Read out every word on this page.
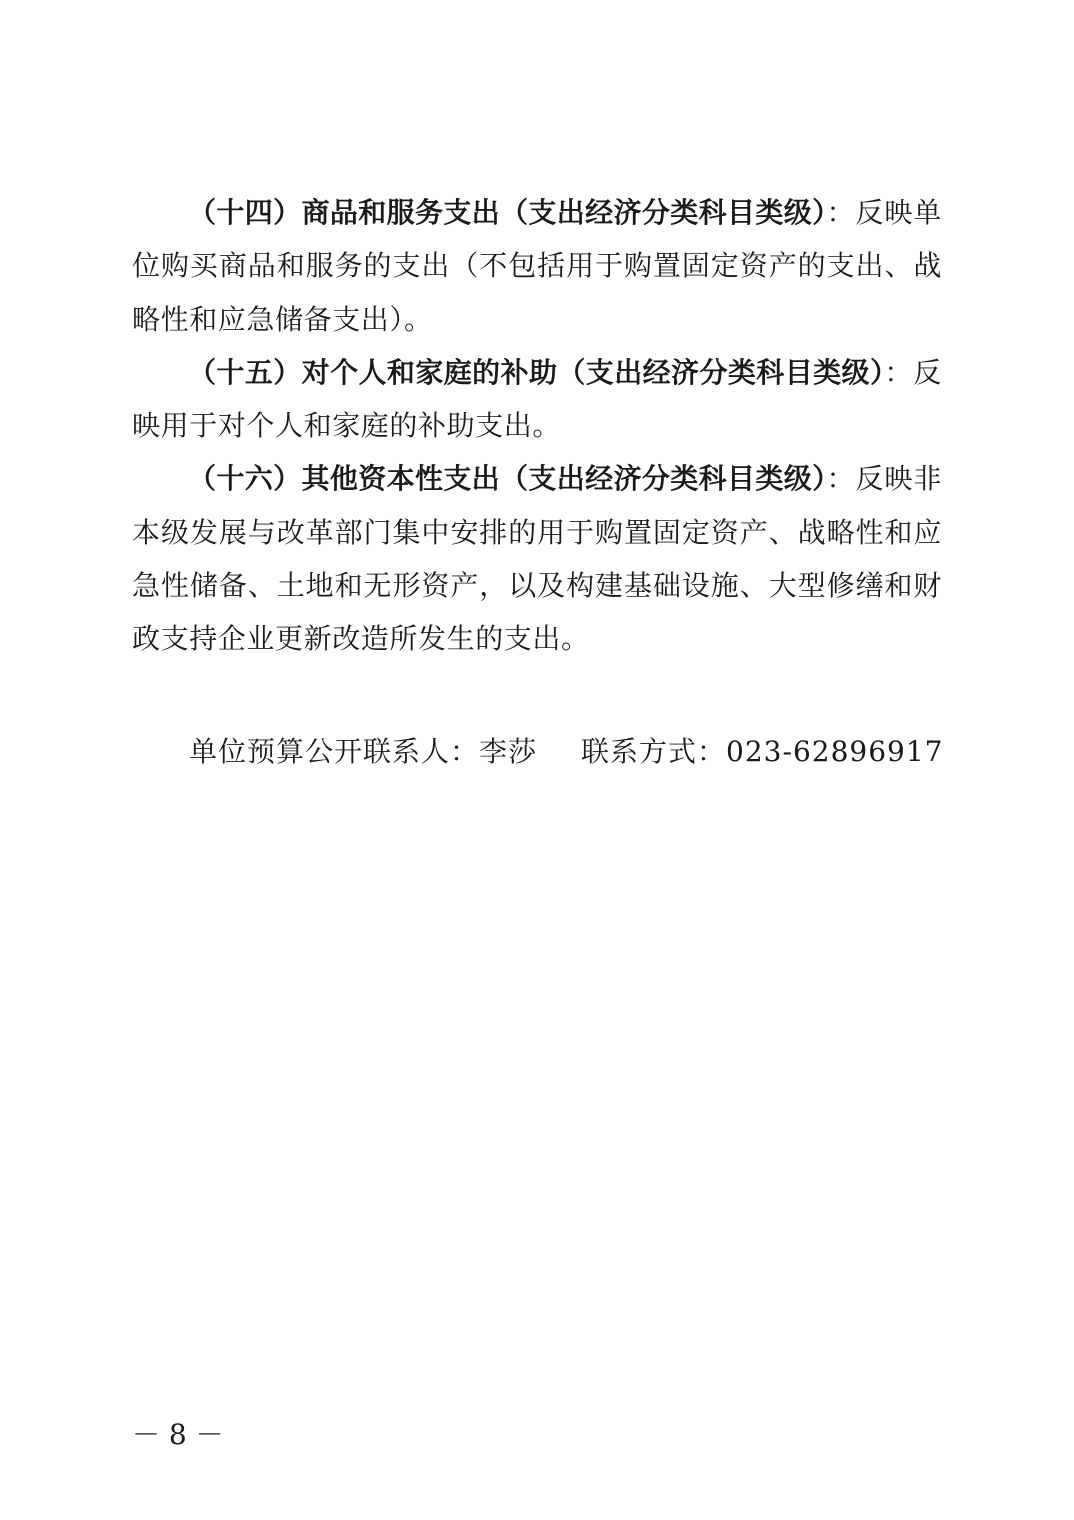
（十四）商品和服务支出（支出经济分类科目类级）：反映单位购买商品和服务的支出（不包括用于购置固定资产的支出、战略性和应急储备支出）。

（十五）对个人和家庭的补助（支出经济分类科目类级）：反映用于对个人和家庭的补助支出。

（十六）其他资本性支出（支出经济分类科目类级）：反映非本级发展与改革部门集中安排的用于购置固定资产、战略性和应急性储备、土地和无形资产，以及构建基础设施、大型修缮和财政支持企业更新改造所发生的支出。

单位预算公开联系人：李莎 联系方式：023-62896917
－ 8 －
